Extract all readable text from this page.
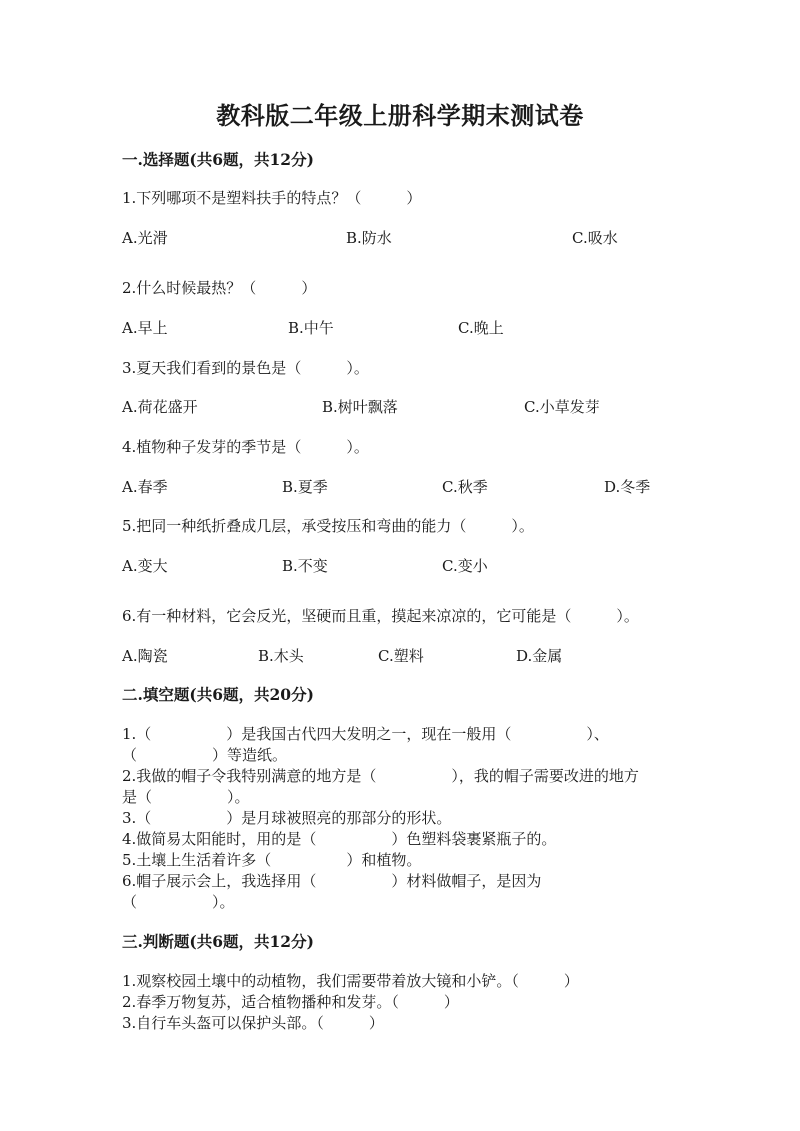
教科版二年级上册科学期末测试卷
一.选择题(共6题，共12分)
1.下列哪项不是塑料扶手的特点？（　　　）
A.光滑	B.防水	C.吸水
2.什么时候最热？（　　　）
A.早上	B.中午	C.晚上
3.夏天我们看到的景色是（　　　）。
A.荷花盛开	B.树叶飘落	C.小草发芽
4.植物种子发芽的季节是（　　　）。
A.春季	B.夏季	C.秋季	D.冬季
5.把同一种纸折叠成几层，承受按压和弯曲的能力（　　　）。
A.变大	B.不变	C.变小
6.有一种材料，它会反光，坚硬而且重，摸起来凉凉的，它可能是（　　　）。
A.陶瓷	B.木头	C.塑料	D.金属
二.填空题(共6题，共20分)
1.（　　　　　）是我国古代四大发明之一，现在一般用（　　　　　）、
（　　　　　）等造纸。
2.我做的帽子令我特别满意的地方是（　　　　　），我的帽子需要改进的地方
是（　　　　　）。
3.（　　　　　）是月球被照亮的那部分的形状。
4.做简易太阳能时，用的是（　　　　　）色塑料袋裹紧瓶子的。
5.土壤上生活着许多（　　　　　）和植物。
6.帽子展示会上，我选择用（　　　　　）材料做帽子，是因为
（　　　　　）。
三.判断题(共6题，共12分)
1.观察校园土壤中的动植物，我们需要带着放大镜和小铲。（　　　）
2.春季万物复苏，适合植物播种和发芽。（　　　）
3.自行车头盔可以保护头部。（　　　）
